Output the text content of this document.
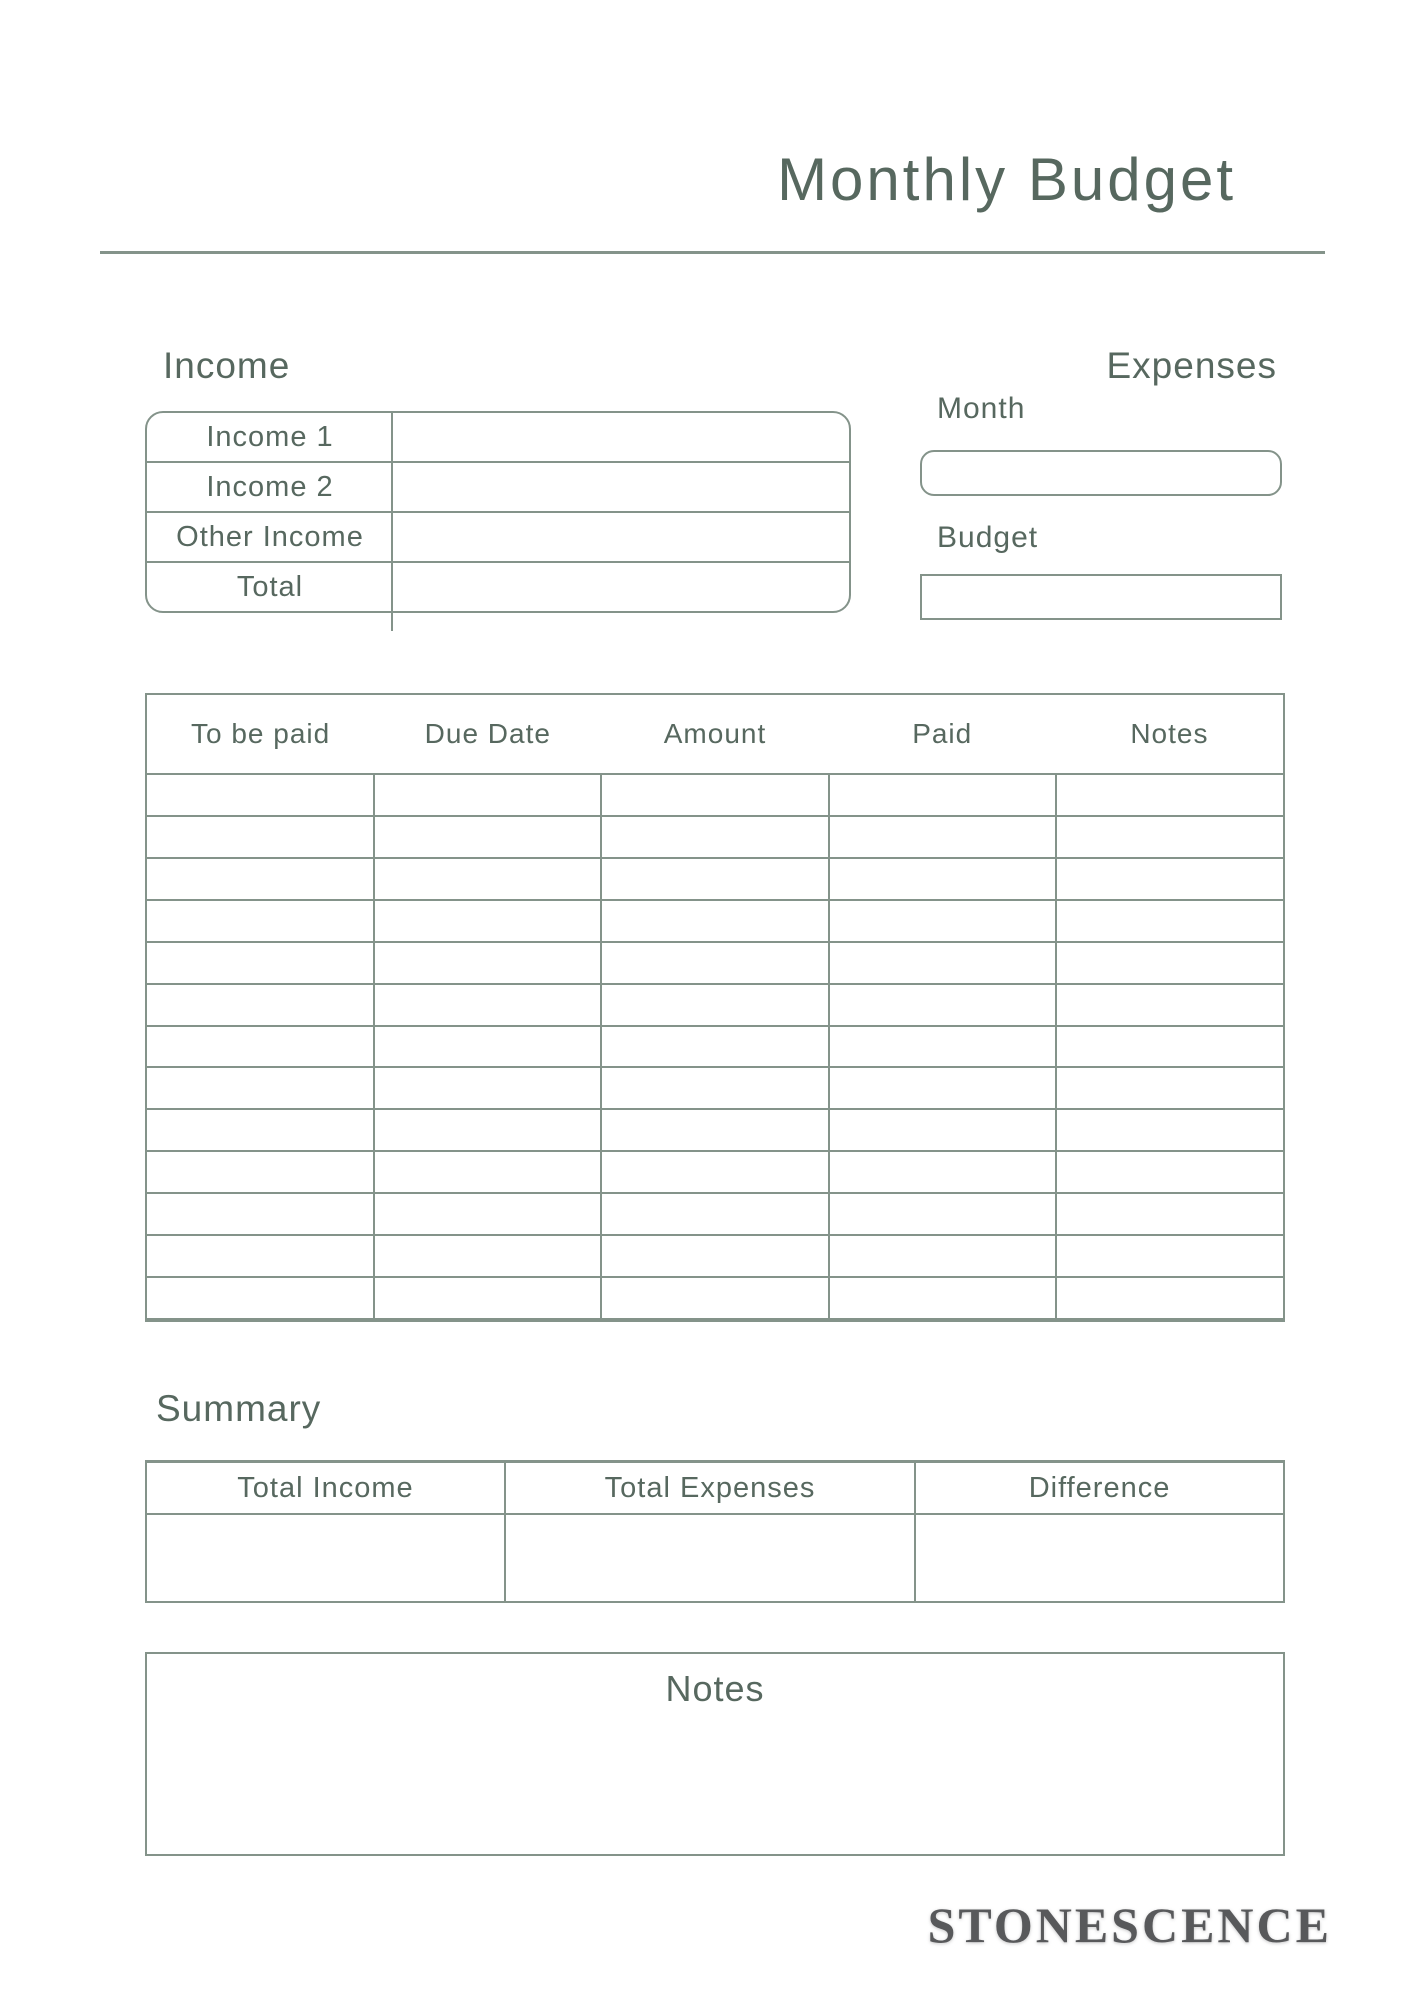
Monthly Budget
Income
Income 1
Income 2
Other Income
Total
Expenses
Month
Budget
To be paid	Due Date	Amount	Paid	Notes
Summary
Total Income	Total Expenses	Difference
Notes
STONESCENCE
